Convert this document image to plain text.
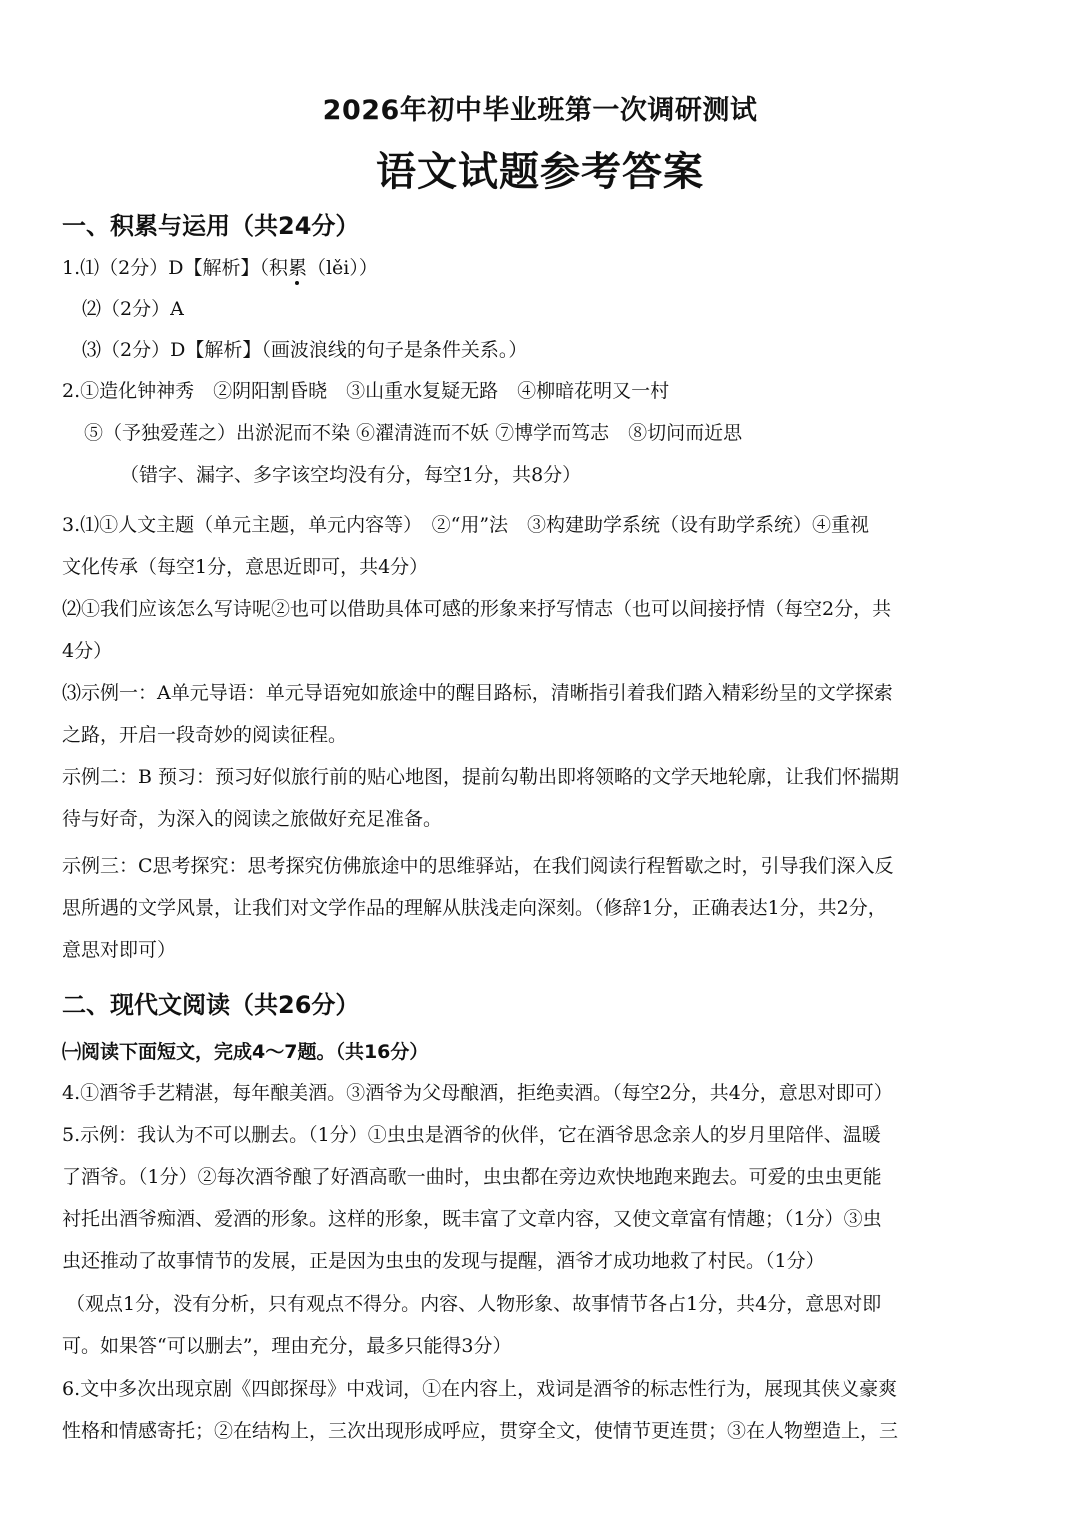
2026年初中毕业班第一次调研测试
语文试题参考答案
一、积累与运用（共24分）
1.⑴（2分）D【解析】（积累（lěi））
⑵（2分）A
⑶（2分）D【解析】（画波浪线的句子是条件关系。）
2.①造化钟神秀　②阴阳割昏晓　③山重水复疑无路　④柳暗花明又一村
⑤（予独爱莲之）出淤泥而不染 ⑥濯清涟而不妖 ⑦博学而笃志　⑧切问而近思
（错字、漏字、多字该空均没有分，每空1分，共8分）
3.⑴①人文主题（单元主题，单元内容等）　②“用”法　③构建助学系统（设有助学系统）④重视
文化传承（每空1分，意思近即可，共4分）
⑵①我们应该怎么写诗呢②也可以借助具体可感的形象来抒写情志（也可以间接抒情（每空2分，共
4分）
⑶示例一：A单元导语：单元导语宛如旅途中的醒目路标，清晰指引着我们踏入精彩纷呈的文学探索
之路，开启一段奇妙的阅读征程。
示例二：B 预习：预习好似旅行前的贴心地图，提前勾勒出即将领略的文学天地轮廓，让我们怀揣期
待与好奇，为深入的阅读之旅做好充足准备。
示例三：C思考探究：思考探究仿佛旅途中的思维驿站，在我们阅读行程暂歇之时，引导我们深入反
思所遇的文学风景，让我们对文学作品的理解从肤浅走向深刻。（修辞1分，正确表达1分，共2分，
意思对即可）
二、现代文阅读（共26分）
㈠阅读下面短文，完成4～7题。（共16分）
4.①酒爷手艺精湛，每年酿美酒。③酒爷为父母酿酒，拒绝卖酒。（每空2分，共4分，意思对即可）
5.示例：我认为不可以删去。（1分）①虫虫是酒爷的伙伴，它在酒爷思念亲人的岁月里陪伴、温暖
了酒爷。（1分）②每次酒爷酿了好酒高歌一曲时，虫虫都在旁边欢快地跑来跑去。可爱的虫虫更能
衬托出酒爷痴酒、爱酒的形象。这样的形象，既丰富了文章内容，又使文章富有情趣；（1分）③虫
虫还推动了故事情节的发展，正是因为虫虫的发现与提醒，酒爷才成功地救了村民。（1分）
（观点1分，没有分析，只有观点不得分。内容、人物形象、故事情节各占1分，共4分，意思对即
可。如果答“可以删去”，理由充分，最多只能得3分）
6.文中多次出现京剧《四郎探母》中戏词，①在内容上，戏词是酒爷的标志性行为，展现其侠义豪爽
性格和情感寄托；②在结构上，三次出现形成呼应，贯穿全文，使情节更连贯；③在人物塑造上，三
